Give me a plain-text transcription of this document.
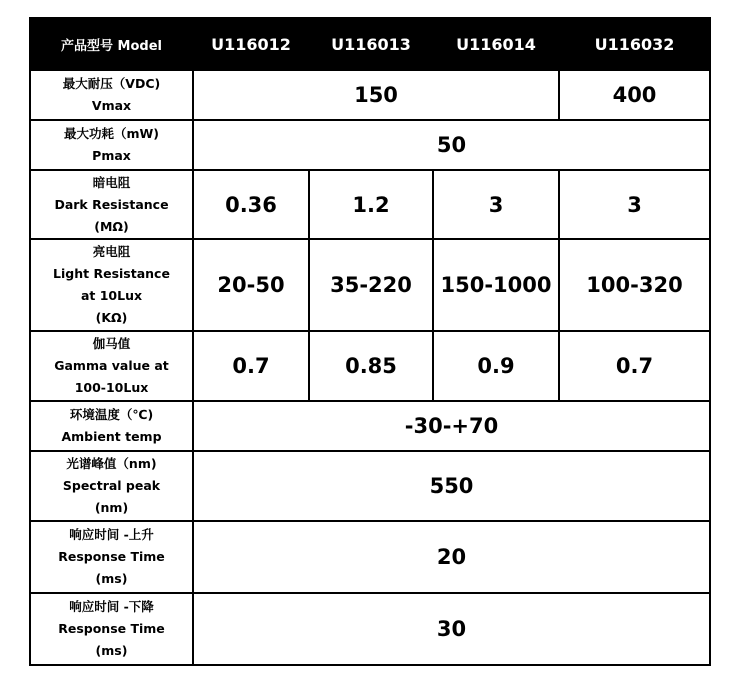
产品型号 Model	U116012	U116013	U116014	U116032

最大耐压（VDC)
Vmax	150			400

最大功耗（mW)
Pmax	50			

暗电阻
Dark Resistance
(MΩ)	0.36	1.2	3	3

亮电阻
Light Resistance
at 10Lux
(KΩ)	20-50	35-220	150-1000	100-320

伽马值
Gamma value at
100-10Lux	0.7	0.85	0.9	0.7

环境温度（℃)
Ambient temp	-30-+70			

光谱峰值（nm)
Spectral peak
(nm)	550			

响应时间 -上升
Response Time
(ms)	20			

响应时间 -下降
Response Time
(ms)	30			
